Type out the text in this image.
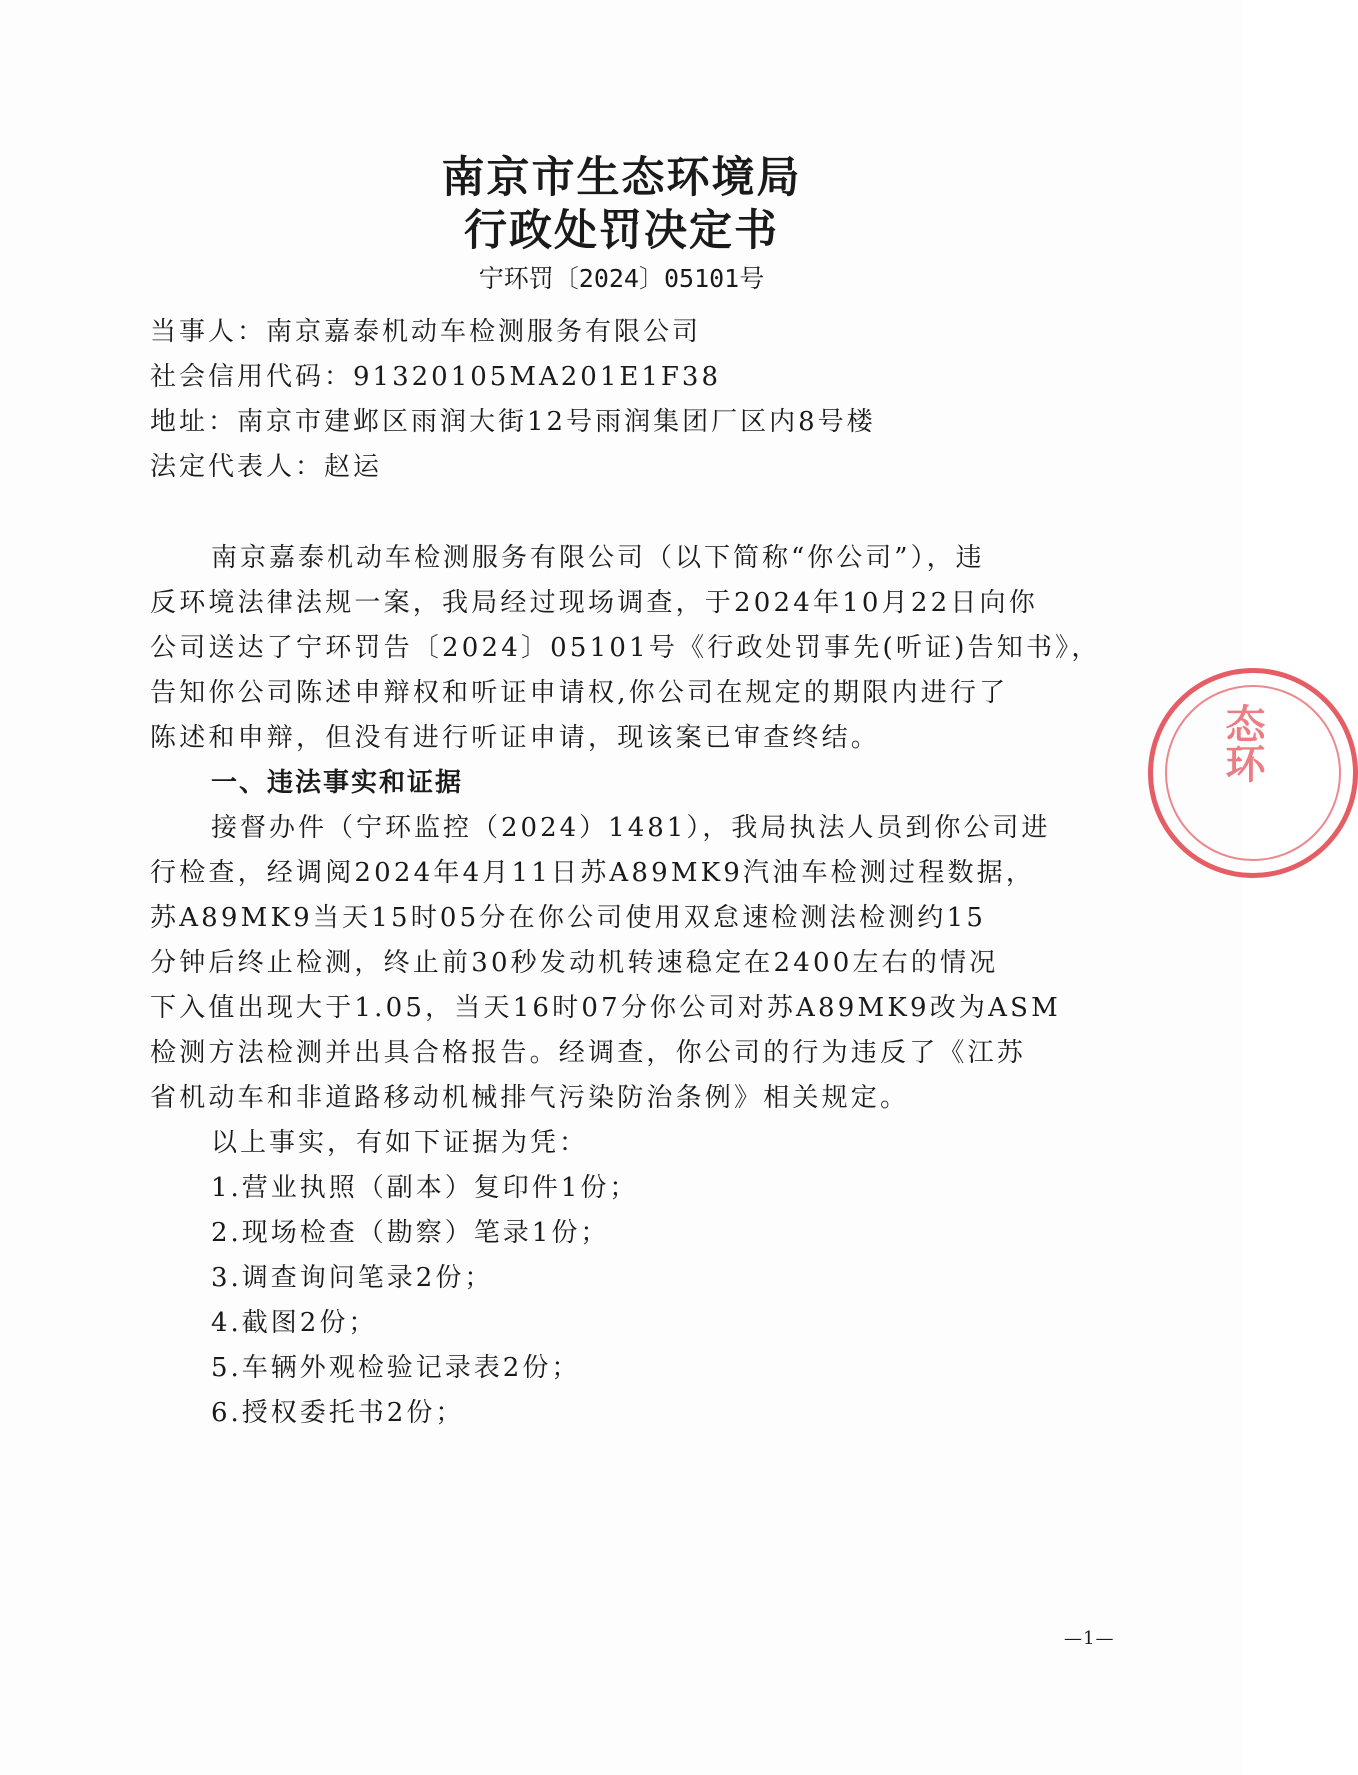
南京市生态环境局
行政处罚决定书
宁环罚〔2024〕05101号
当事人：南京嘉泰机动车检测服务有限公司
社会信用代码：91320105MA201E1F38
地址：南京市建邺区雨润大街12号雨润集团厂区内8号楼
法定代表人：赵运
南京嘉泰机动车检测服务有限公司（以下简称“你公司”），违
反环境法律法规一案，我局经过现场调查，于2024年10月22日向你
公司送达了宁环罚告〔2024〕05101号《行政处罚事先(听证)告知书》，
告知你公司陈述申辩权和听证申请权,你公司在规定的期限内进行了
陈述和申辩，但没有进行听证申请，现该案已审查终结。
一、违法事实和证据
接督办件（宁环监控（2024）1481），我局执法人员到你公司进
行检查，经调阅2024年4月11日苏A89MK9汽油车检测过程数据，
苏A89MK9当天15时05分在你公司使用双怠速检测法检测约15
分钟后终止检测，终止前30秒发动机转速稳定在2400左右的情况
下入值出现大于1.05，当天16时07分你公司对苏A89MK9改为ASM
检测方法检测并出具合格报告。经调查，你公司的行为违反了《江苏
省机动车和非道路移动机械排气污染防治条例》相关规定。
以上事实，有如下证据为凭：
1.营业执照（副本）复印件1份；
2.现场检查（勘察）笔录1份；
3.调查询问笔录2份；
4.截图2份；
5.车辆外观检验记录表2份；
6.授权委托书2份；
—1—
态环
